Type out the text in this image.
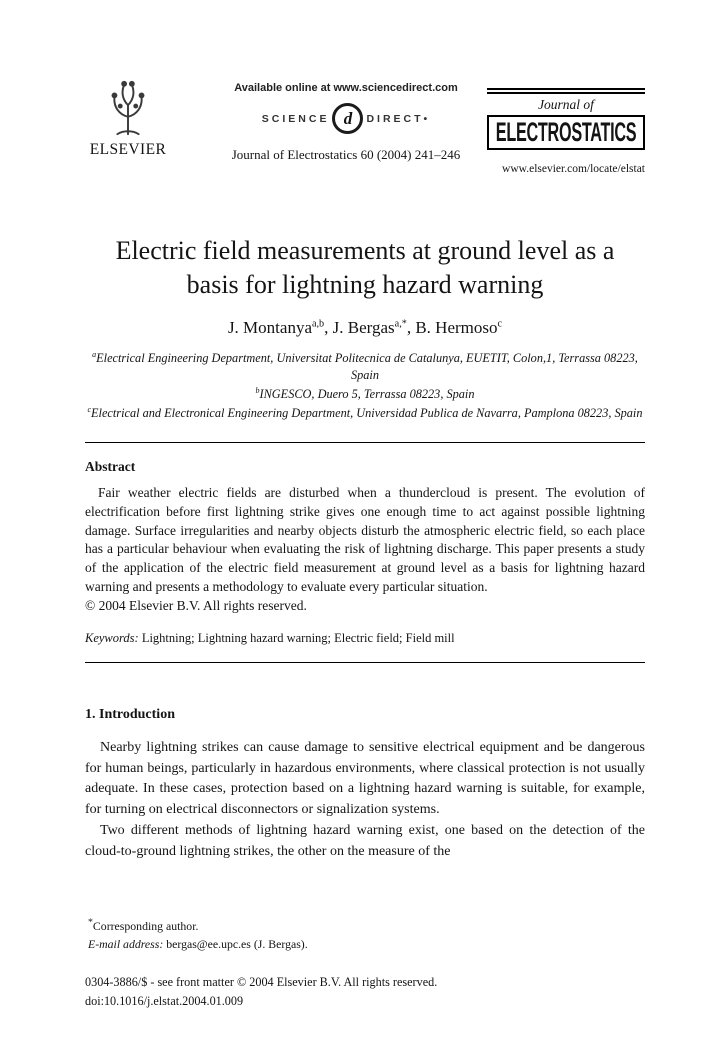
ELSEVIER
Available online at www.sciencedirect.com
SCIENCE d DIRECT•
Journal of Electrostatics 60 (2004) 241–246
Journal of
ELECTROSTATICS
www.elsevier.com/locate/elstat
Electric field measurements at ground level as a
basis for lightning hazard warning
J. Montanya$^{a,b}$, J. Bergas$^{a,*}$, B. Hermoso$^c$
$^a$Electrical Engineering Department, Universitat Politecnica de Catalunya, EUETIT, Colon,1, Terrassa 08223, Spain
$^b$INGESCO, Duero 5, Terrassa 08223, Spain
$^c$Electrical and Electronical Engineering Department, Universidad Publica de Navarra, Pamplona 08223, Spain
Abstract

Fair weather electric fields are disturbed when a thundercloud is present. The evolution of electrification before first lightning strike gives one enough time to act against possible lightning damage. Surface irregularities and nearby objects disturb the atmospheric electric field, so each place has a particular behaviour when evaluating the risk of lightning discharge. This paper presents a study of the application of the electric field measurement at ground level as a basis for lightning hazard warning and presents a methodology to evaluate every particular situation.

© 2004 Elsevier B.V. All rights reserved.

Keywords: Lightning; Lightning hazard warning; Electric field; Field mill

1. Introduction

Nearby lightning strikes can cause damage to sensitive electrical equipment and be dangerous for human beings, particularly in hazardous environments, where classical protection is not usually adequate. In these cases, protection based on a lightning hazard warning is suitable, for example, for turning on electrical disconnectors or signalization systems.

Two different methods of lightning hazard warning exist, one based on the detection of the cloud-to-ground lightning strikes, the other on the measure of the

*Corresponding author.

E-mail address: bergas@ee.upc.es (J. Bergas).

0304-3886/$ - see front matter © 2004 Elsevier B.V. All rights reserved.

doi:10.1016/j.elstat.2004.01.009
